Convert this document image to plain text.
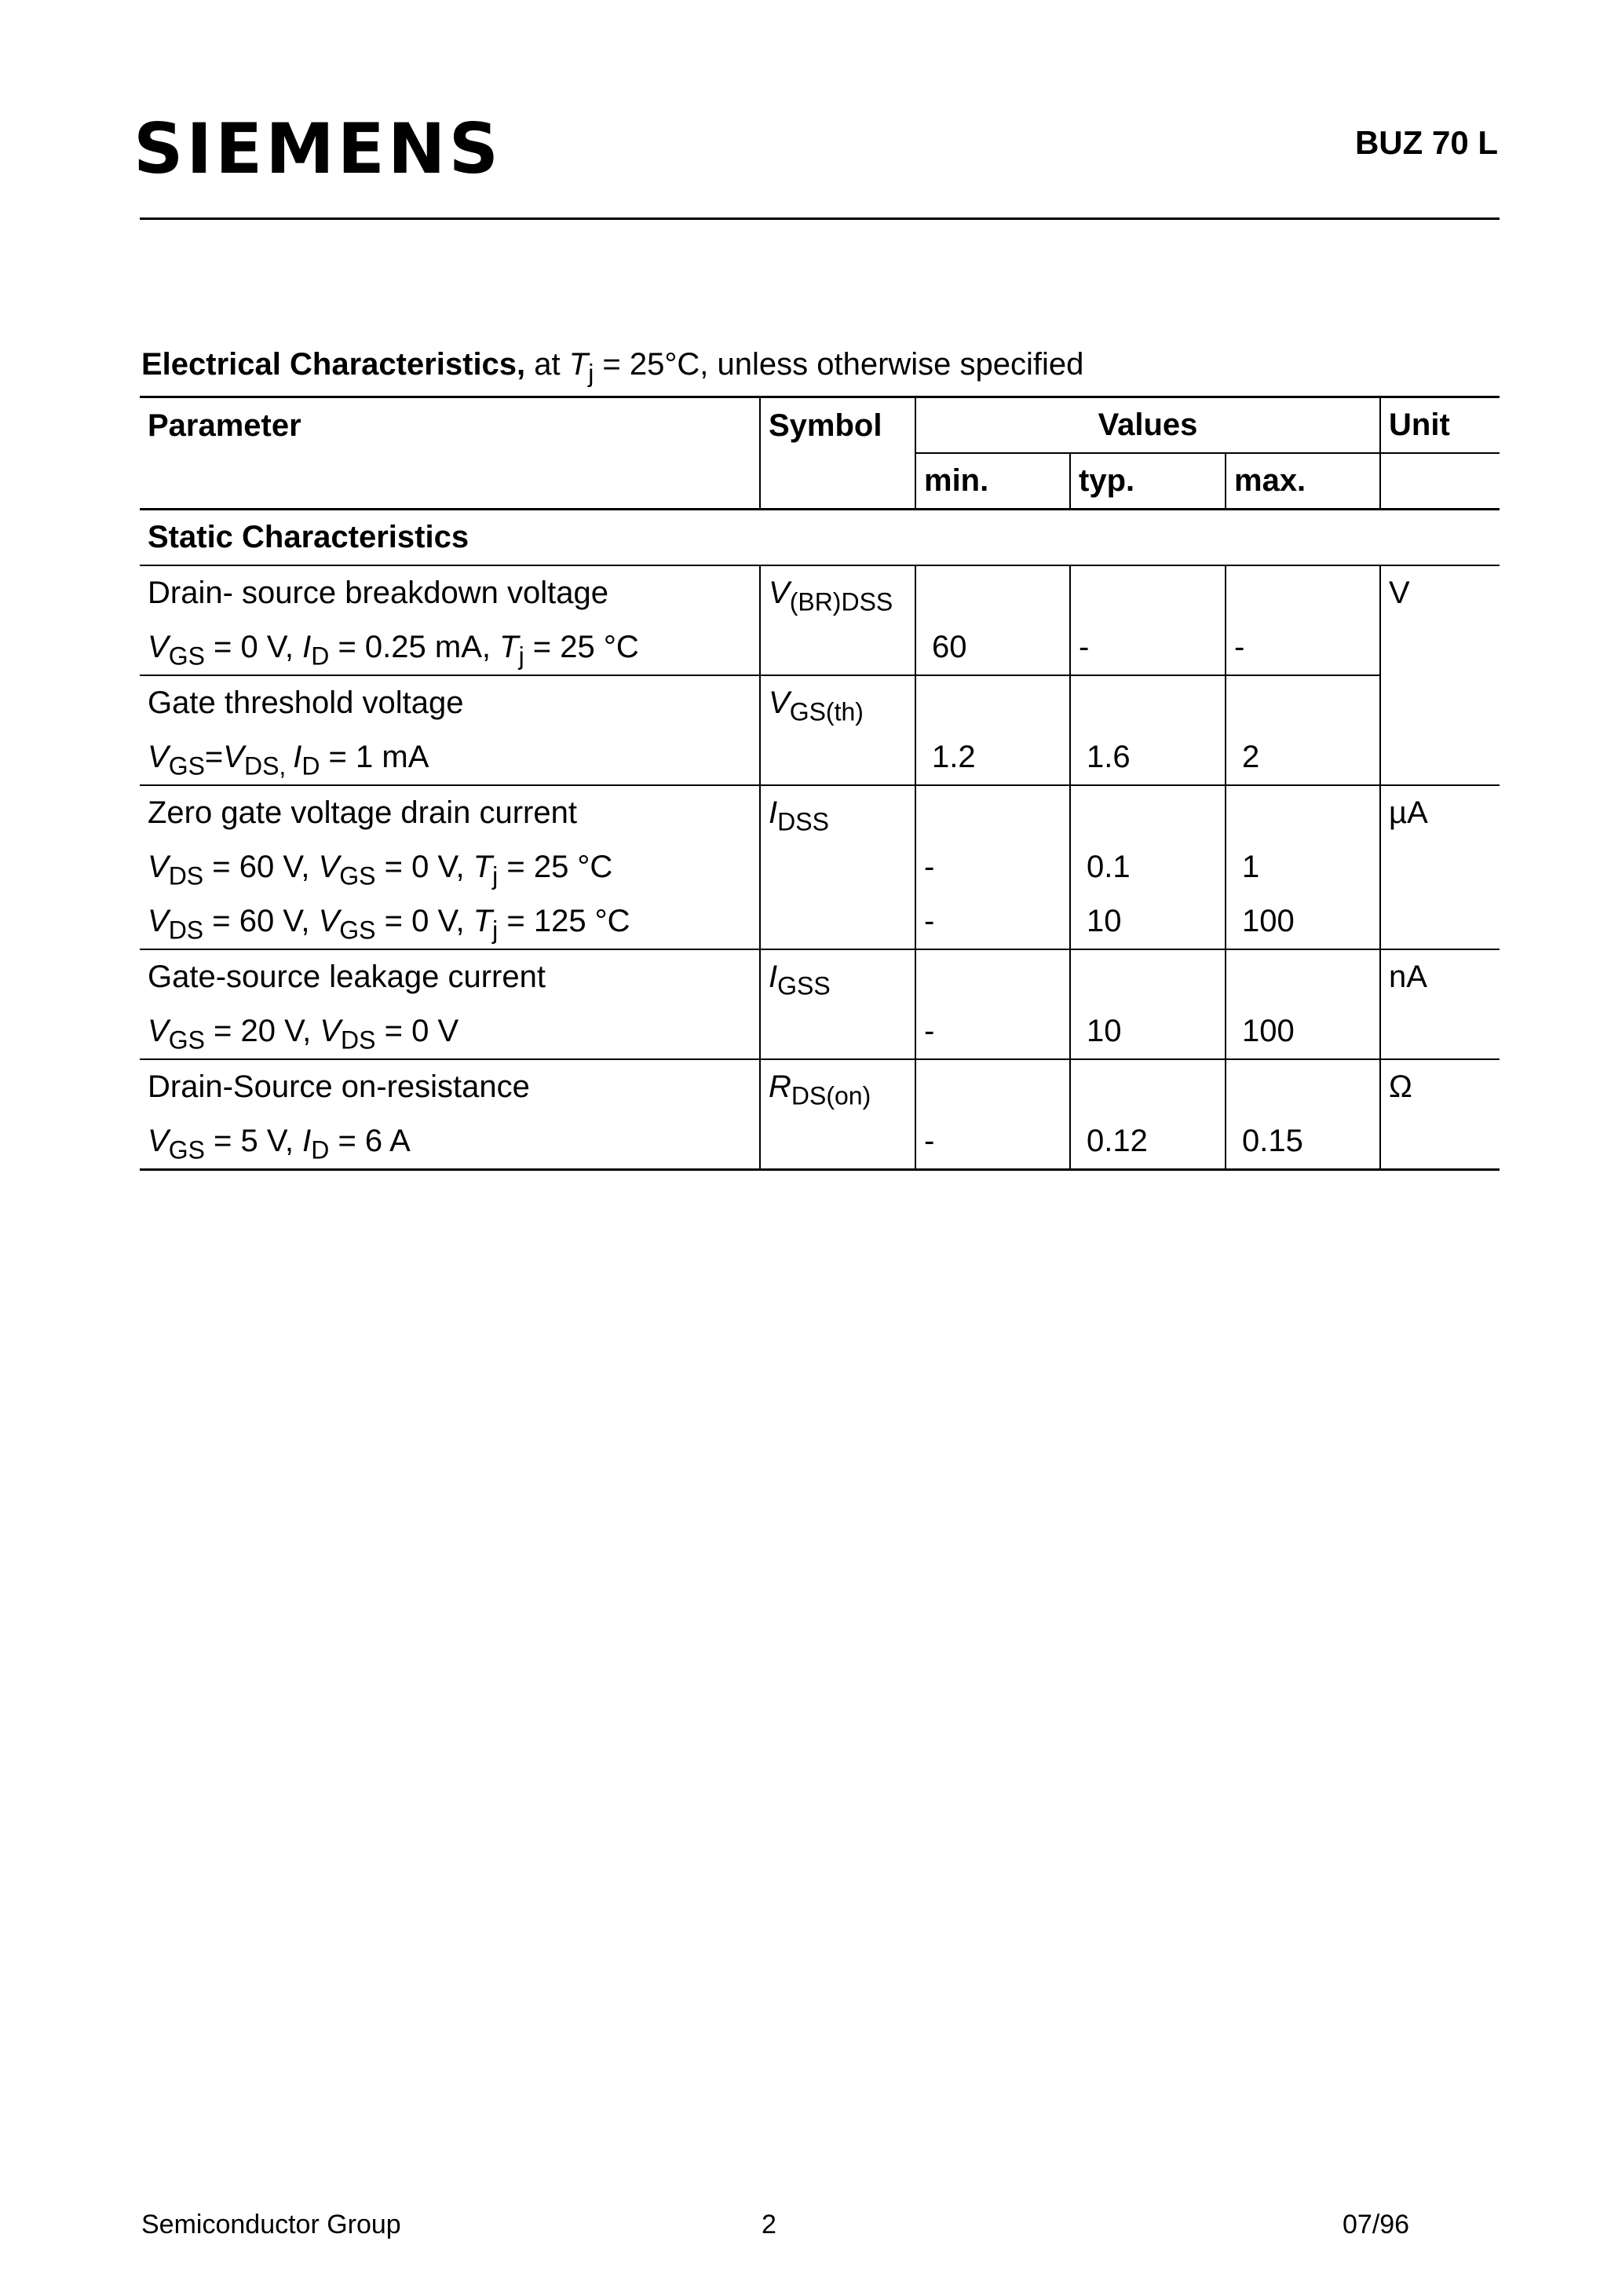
SIEMENS	BUZ 70 L
Electrical Characteristics, at $T_j = 25^\circ C$, unless otherwise specified
Parameter	Symbol	Values			Unit
		min.	typ.	max.	
Static Characteristics					
Drain- source breakdown voltage	$V_{(BR)DSS}$				V
$V_{GS} = 0$ V, $I_D = 0.25$ mA, $T_j = 25$ °C		60	-	-	
Gate threshold voltage	$V_{GS(th)}$			
$V_{GS}=V_{DS,}$ $I_D = 1$ mA		1.2	1.6	2	
Zero gate voltage drain current	$I_{DSS}$				µA
$V_{DS} = 60$ V, $V_{GS} = 0$ V, $T_j = 25$ °C		-	0.1	1	
$V_{DS} = 60$ V, $V_{GS} = 0$ V, $T_j = 125$ °C		-	10	100	
Gate-source leakage current	$I_{GSS}$				nA
$V_{GS} = 20$ V, $V_{DS} = 0$ V		-	10	100	
Drain-Source on-resistance	$R_{DS(on)}$				Ω
$V_{GS} = 5$ V, $I_D = 6$ A		-	0.12	0.15	
Semiconductor Group	2	07/96
